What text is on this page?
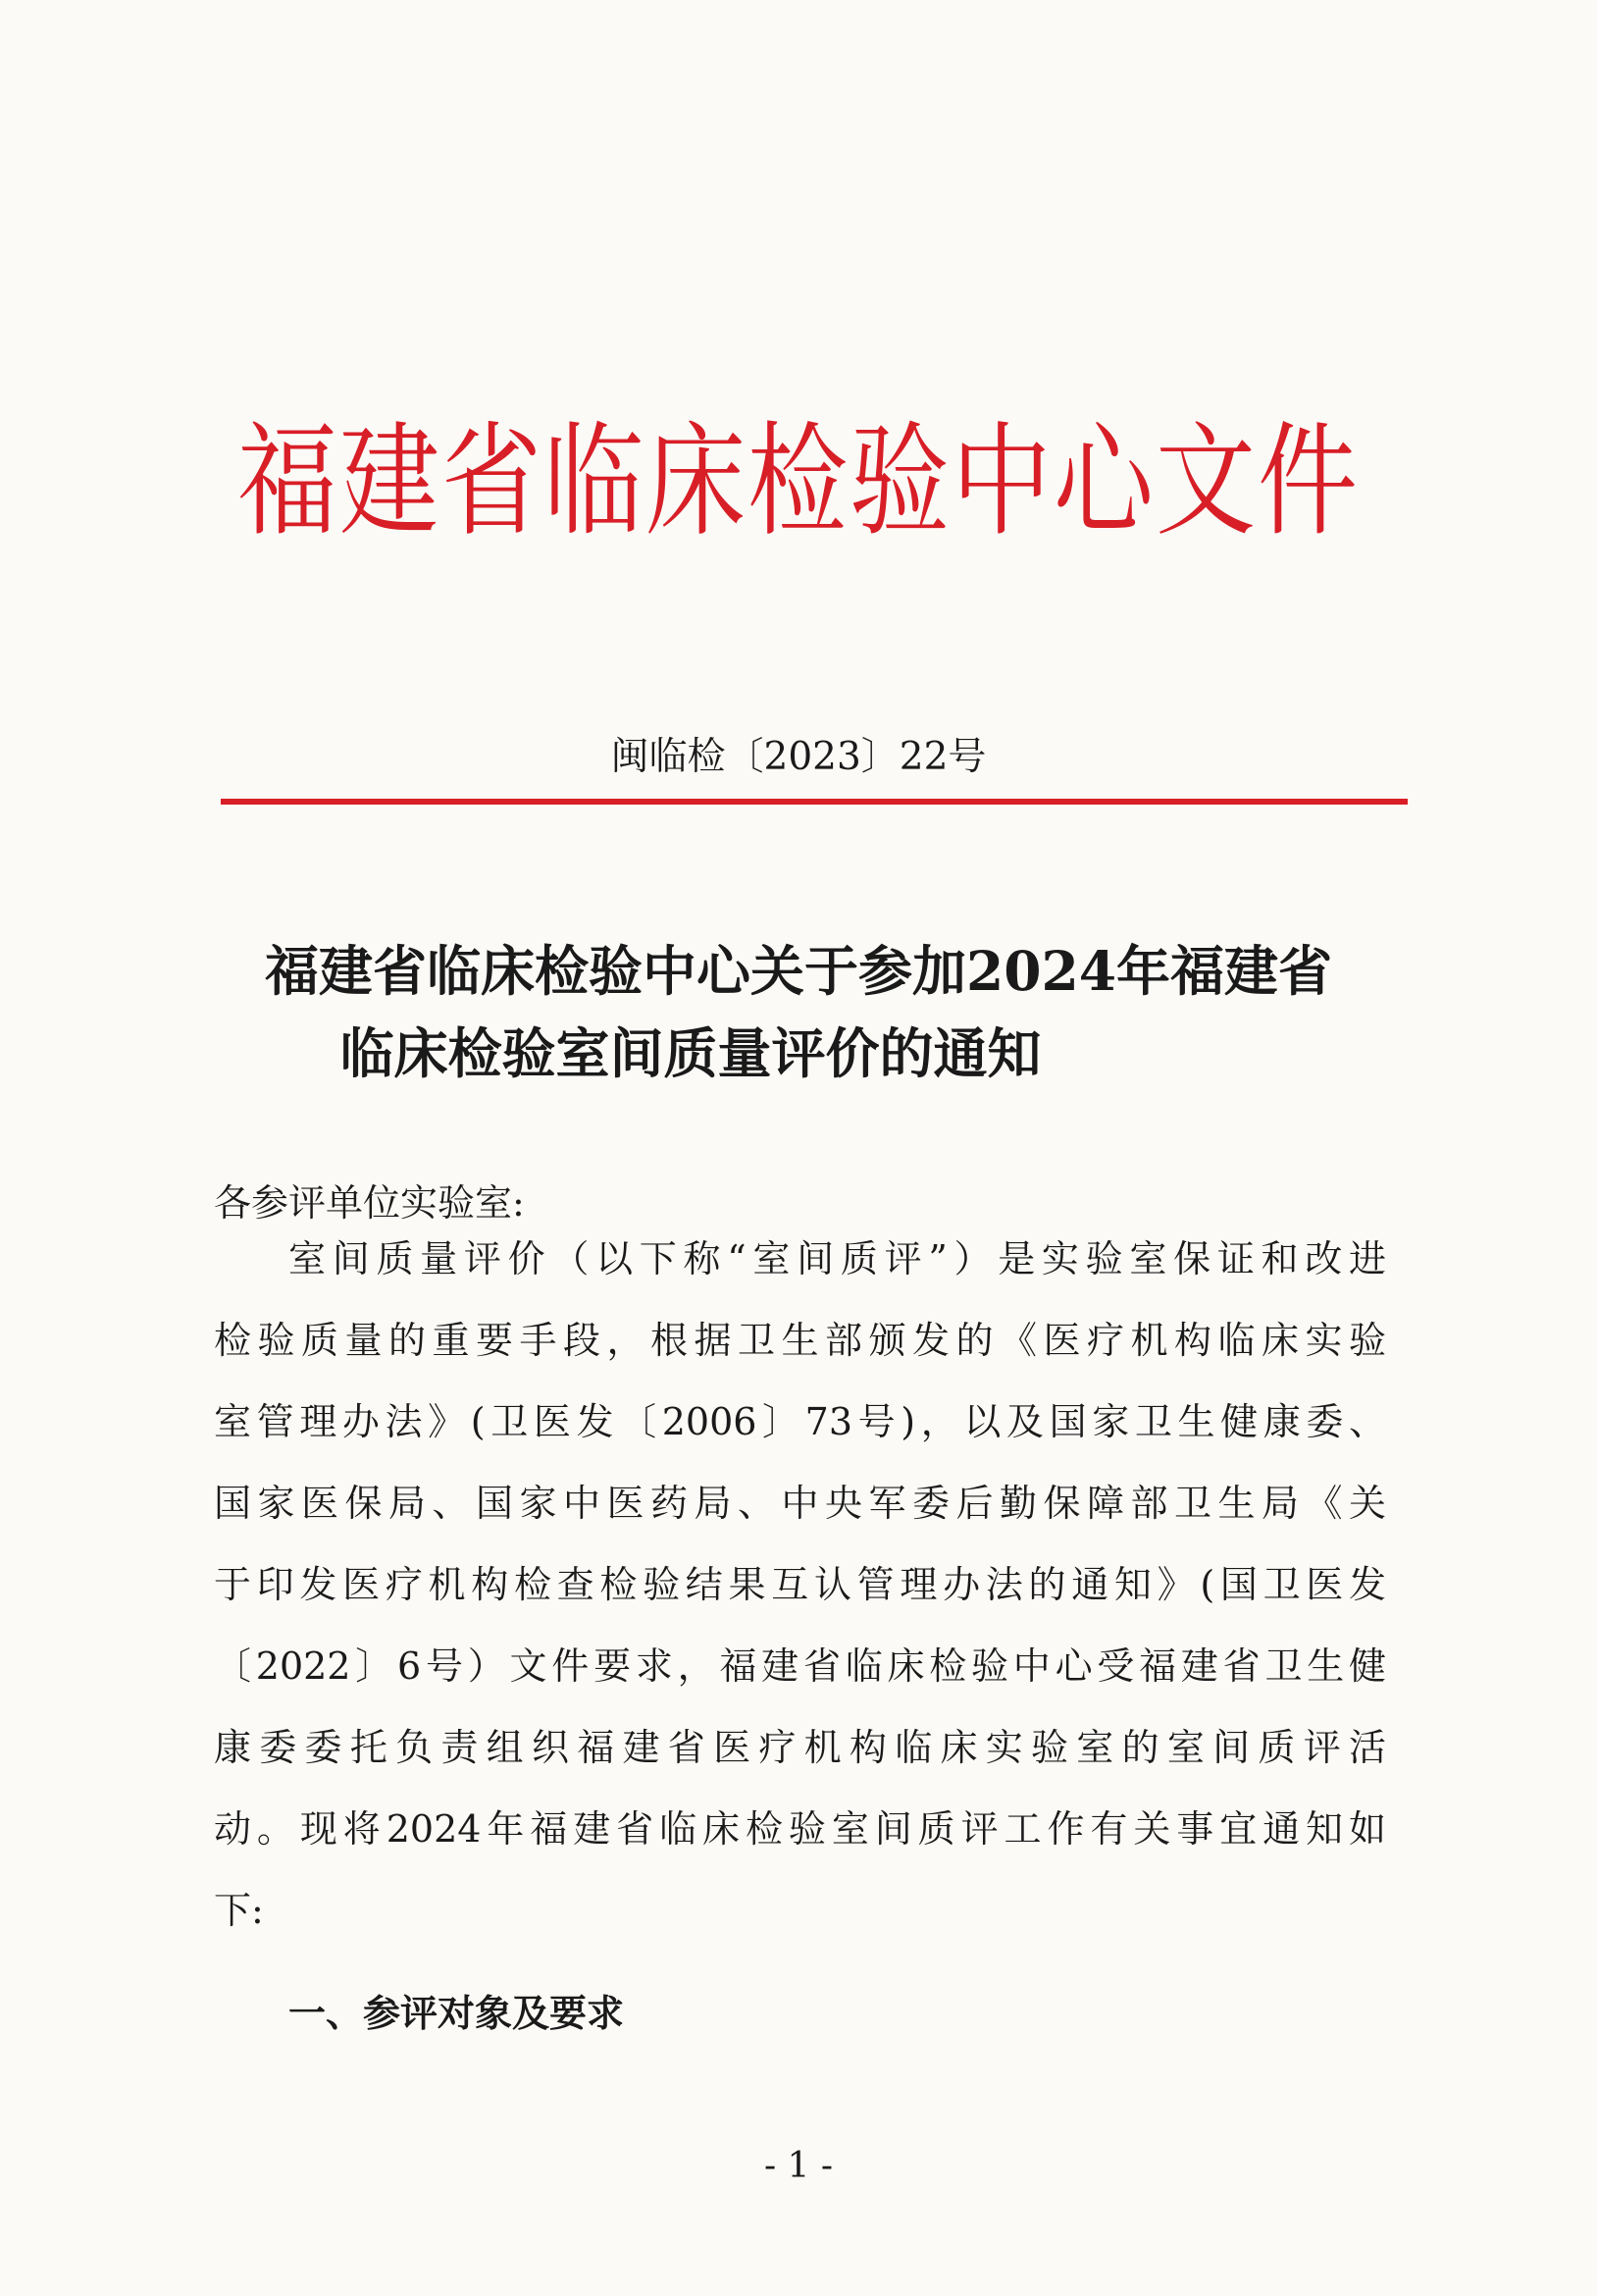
福建省临床检验中心文件
闽临检〔2023〕22号
福建省临床检验中心关于参加2024年福建省
临床检验室间质量评价的通知
各参评单位实验室:
室间质量评价（以下称“室间质评”）是实验室保证和改进
检验质量的重要手段，根据卫生部颁发的《医疗机构临床实验
室管理办法》(卫医发〔2006〕73号)，以及国家卫生健康委、
国家医保局、国家中医药局、中央军委后勤保障部卫生局《关
于印发医疗机构检查检验结果互认管理办法的通知》(国卫医发
〔2022〕6号）文件要求，福建省临床检验中心受福建省卫生健
康委委托负责组织福建省医疗机构临床实验室的室间质评活
动。现将2024年福建省临床检验室间质评工作有关事宜通知如
下:
一、参评对象及要求
- 1 -
